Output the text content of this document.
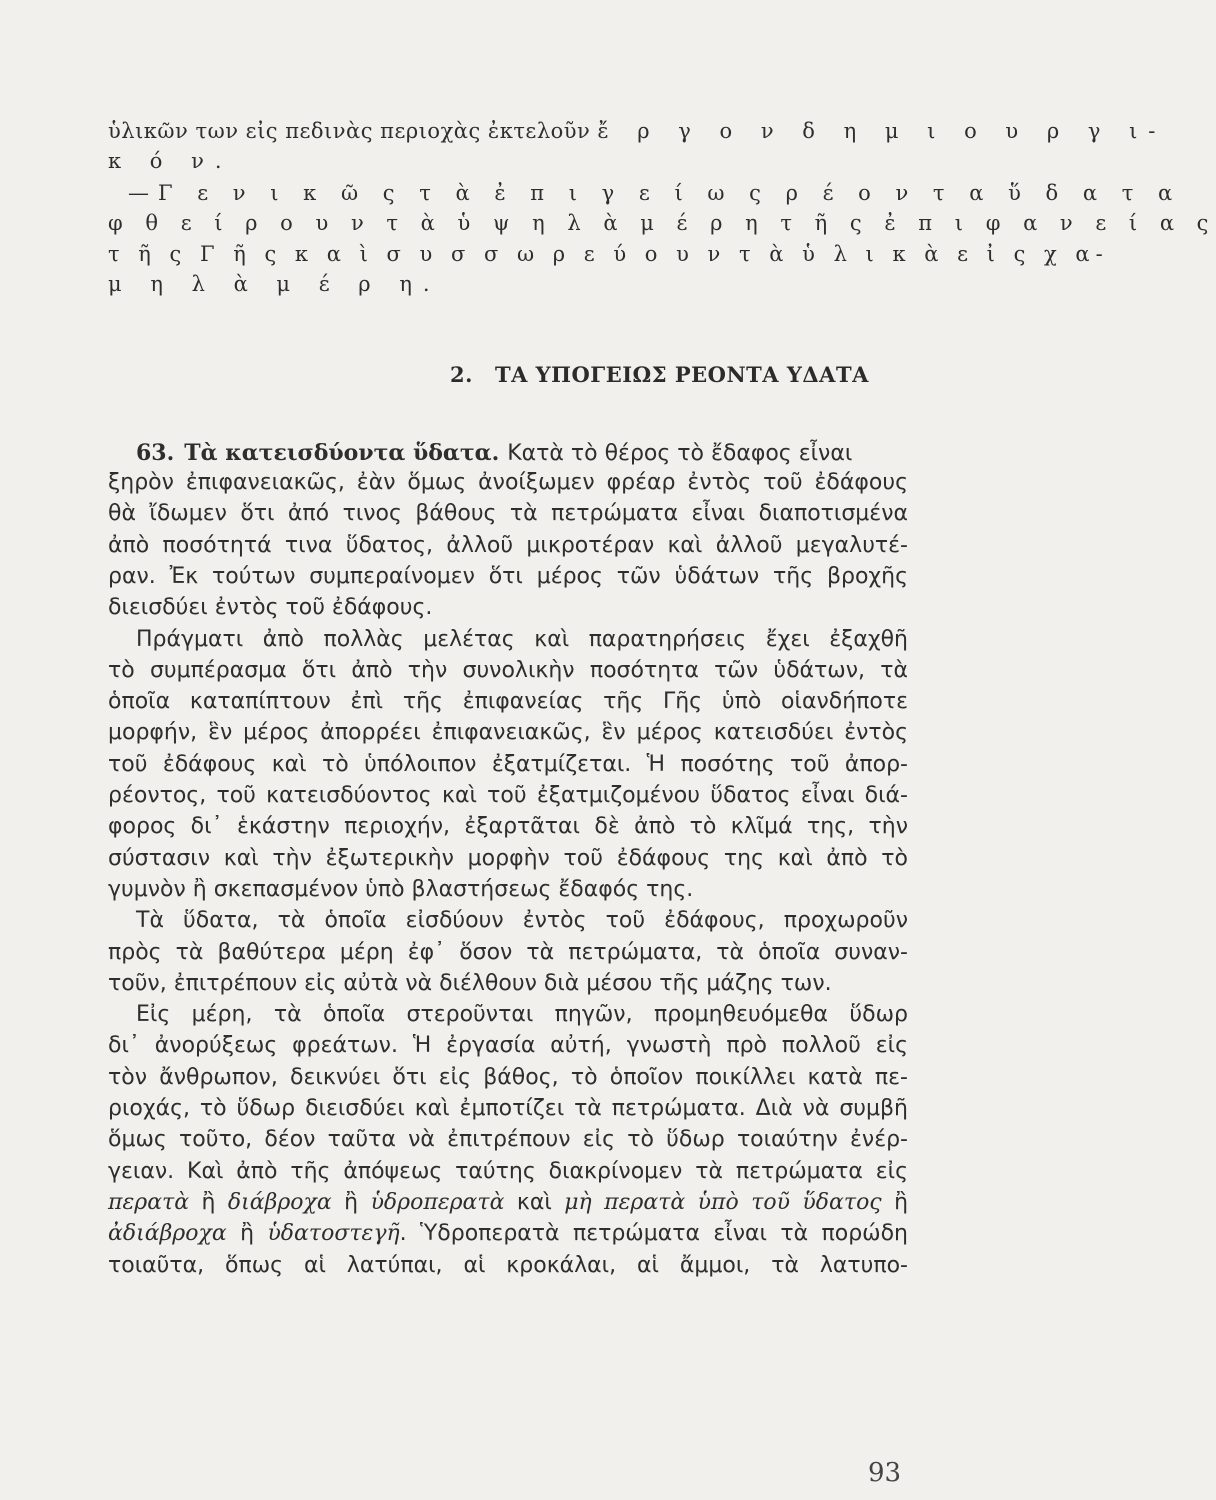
ὑλικῶν των εἰς πεδινὰς περιοχὰς ἐκτελοῦν ἔ ρ γ ο ν δ η μ ι ο υ ρ γ ι-
κ ό ν.
—Γ ε ν ι κ ῶ ς τ ὰ ἐ π ι γ ε ί ω ς ρ έ ο ν τ α ὕ δ α τ α
φ θ ε ί ρ ο υ ν τ ὰ ὑ ψ η λ ὰ μ έ ρ η τ ῆ ς ἐ π ι φ α ν ε ί α ς
τ ῆ ς Γ ῆ ς κ α ὶ σ υ σ σ ω ρ ε ύ ο υ ν τ ὰ ὑ λ ι κ ὰ ε ἰ ς χ α-
μ η λ ὰ μ έ ρ η.
2. ΤΑ ΥΠΟΓΕΙΩΣ ΡΕΟΝΤΑ ΥΔΑΤΑ
63. Τὰ κατεισδύοντα ὕδατα. Κατὰ τὸ θέρος τὸ ἔδαφος εἶναι
ξηρὸν ἐπιφανειακῶς, ἐὰν ὅμως ἀνοίξωμεν φρέαρ ἐντὸς τοῦ ἐδάφους
θὰ ἴδωμεν ὅτι ἀπό τινος βάθους τὰ πετρώματα εἶναι διαποτισμένα
ἀπὸ ποσότητά τινα ὕδατος, ἀλλοῦ μικροτέραν καὶ ἀλλοῦ μεγαλυτέ-
ραν. Ἐκ τούτων συμπεραίνομεν ὅτι μέρος τῶν ὑδάτων τῆς βροχῆς
διεισδύει ἐντὸς τοῦ ἐδάφους.
Πράγματι ἀπὸ πολλὰς μελέτας καὶ παρατηρήσεις ἔχει ἐξαχθῆ
τὸ συμπέρασμα ὅτι ἀπὸ τὴν συνολικὴν ποσότητα τῶν ὑδάτων, τὰ
ὁποῖα καταπίπτουν ἐπὶ τῆς ἐπιφανείας τῆς Γῆς ὑπὸ οἱανδήποτε
μορφήν, ἓν μέρος ἀπορρέει ἐπιφανειακῶς, ἓν μέρος κατεισδύει ἐντὸς
τοῦ ἐδάφους καὶ τὸ ὑπόλοιπον ἐξατμίζεται. Ἡ ποσότης τοῦ ἀπορ-
ρέοντος, τοῦ κατεισδύοντος καὶ τοῦ ἐξατμιζομένου ὕδατος εἶναι διά-
φορος δι᾽ ἑκάστην περιοχήν, ἐξαρτᾶται δὲ ἀπὸ τὸ κλῖμά της, τὴν
σύστασιν καὶ τὴν ἐξωτερικὴν μορφὴν τοῦ ἐδάφους της καὶ ἀπὸ τὸ
γυμνὸν ἢ σκεπασμένον ὑπὸ βλαστήσεως ἔδαφός της.
Τὰ ὕδατα, τὰ ὁποῖα εἰσδύουν ἐντὸς τοῦ ἐδάφους, προχωροῦν
πρὸς τὰ βαθύτερα μέρη ἐφ᾽ ὅσον τὰ πετρώματα, τὰ ὁποῖα συναν-
τοῦν, ἐπιτρέπουν εἰς αὐτὰ νὰ διέλθουν διὰ μέσου τῆς μάζης των.
Εἰς μέρη, τὰ ὁποῖα στεροῦνται πηγῶν, προμηθευόμεθα ὕδωρ
δι᾽ ἀνορύξεως φρεάτων. Ἡ ἐργασία αὐτή, γνωστὴ πρὸ πολλοῦ εἰς
τὸν ἄνθρωπον, δεικνύει ὅτι εἰς βάθος, τὸ ὁποῖον ποικίλλει κατὰ πε-
ριοχάς, τὸ ὕδωρ διεισδύει καὶ ἐμποτίζει τὰ πετρώματα. Διὰ νὰ συμβῆ
ὅμως τοῦτο, δέον ταῦτα νὰ ἐπιτρέπουν εἰς τὸ ὕδωρ τοιαύτην ἐνέρ-
γειαν. Καὶ ἀπὸ τῆς ἀπόψεως ταύτης διακρίνομεν τὰ πετρώματα εἰς
περατὰ ἢ διάβροχα ἢ ὑδροπερατὰ καὶ μὴ περατὰ ὑπὸ τοῦ ὕδατος ἢ
ἀδιάβροχα ἢ ὑδατοστεγῆ. Ὑδροπερατὰ πετρώματα εἶναι τὰ πορώδη
τοιαῦτα, ὅπως αἱ λατύπαι, αἱ κροκάλαι, αἱ ἄμμοι, τὰ λατυπο-
93
